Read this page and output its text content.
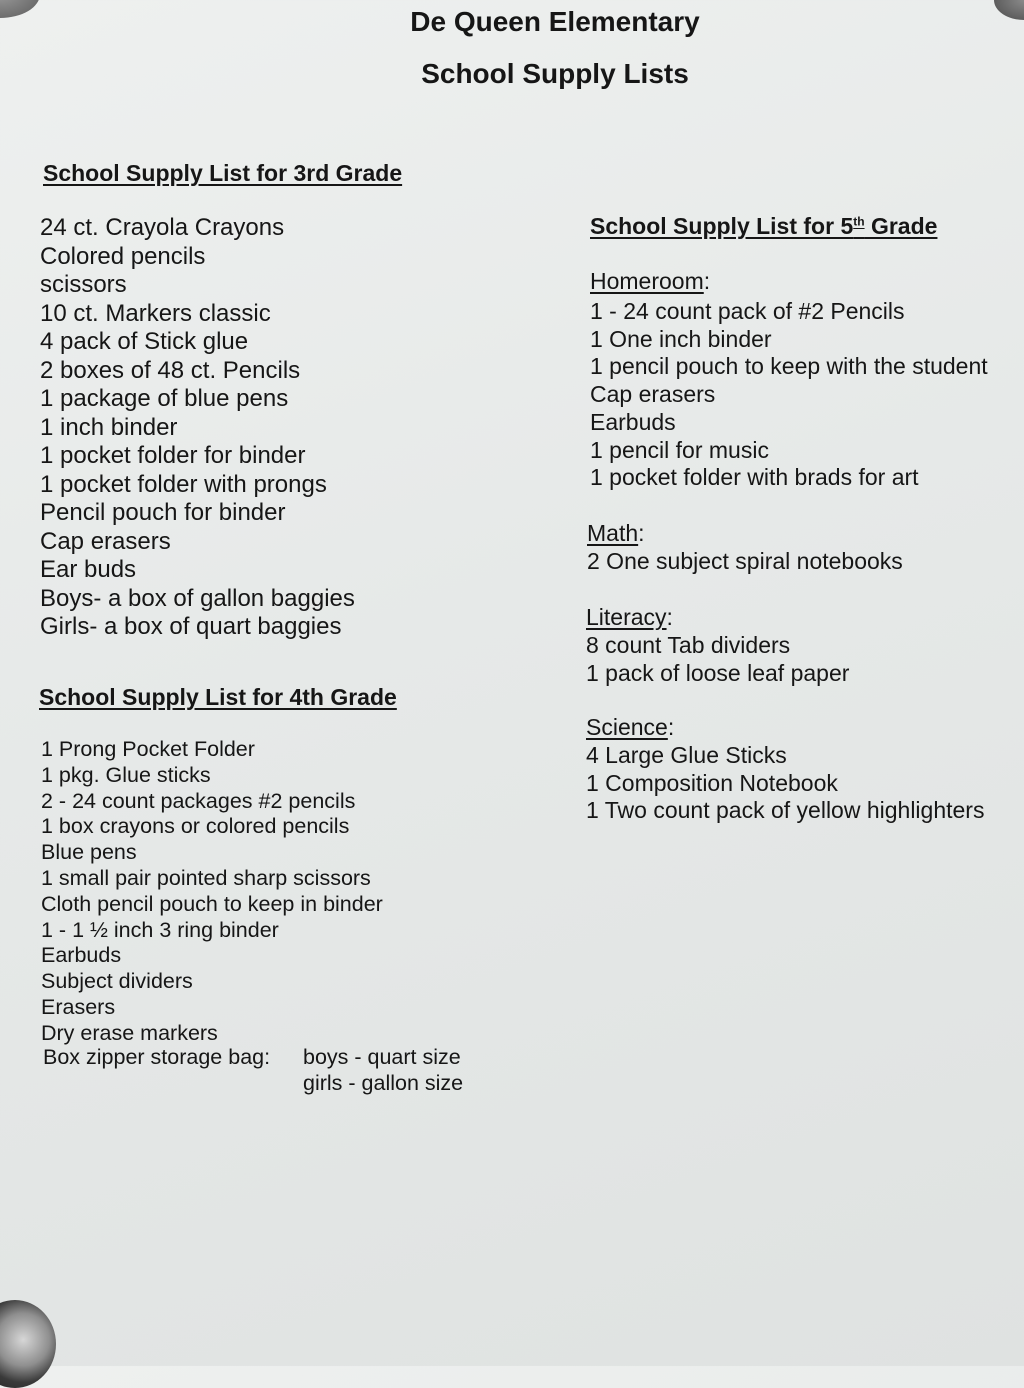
De Queen Elementary
School Supply Lists
School Supply List for 3rd Grade
24 ct. Crayola Crayons
Colored pencils
scissors
10 ct. Markers classic
4 pack of Stick glue
2 boxes of 48 ct. Pencils
1 package of blue pens
1 inch binder
1 pocket folder for binder
1 pocket folder with prongs
Pencil pouch for binder
Cap erasers
Ear buds
Boys- a box of gallon baggies
Girls- a box of quart baggies
School Supply List for 4th Grade
1 Prong Pocket Folder
1 pkg. Glue sticks
2 - 24 count packages #2 pencils
1 box crayons or colored pencils
Blue pens
1 small pair pointed sharp scissors
Cloth pencil pouch to keep in binder
1 - 1 ½ inch 3 ring binder
Earbuds
Subject dividers
Erasers
Dry erase markers
Box zipper storage bag: boys - quart size
girls - gallon size
School Supply List for 5th Grade
Homeroom:
1 - 24 count pack of #2 Pencils
1 One inch binder
1 pencil pouch to keep with the student
Cap erasers
Earbuds
1 pencil for music
1 pocket folder with brads for art
Math:
2 One subject spiral notebooks
Literacy:
8 count Tab dividers
1 pack of loose leaf paper
Science:
4 Large Glue Sticks
1 Composition Notebook
1 Two count pack of yellow highlighters
